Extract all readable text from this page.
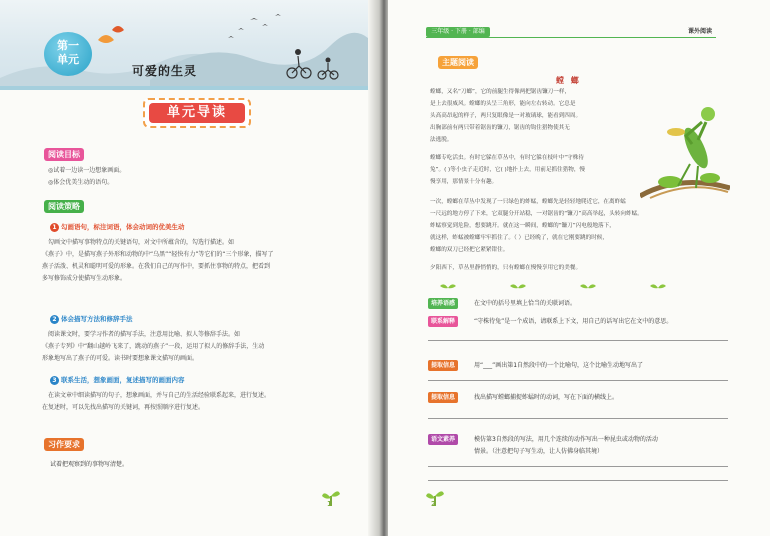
第一
单元
可爱的生灵
单元导读
阅读目标
◎试着一边读一边想象画面。
◎体会优美生动的语句。
阅读策略
1 勾画语句，标注词语，体会动词的优美生动
勾画文中描写事物特点的关键语句，对文中所蕴含的，勾选行描述。如
《燕子》中，是描写燕子外形和动物的中“乌黑”“轻快有力”等它们的“三个形象，描写了
燕子活泼、机灵和聪明可爱的形象。在我们自己的写作中，要抓住事物的特点，把看到
多写修饰成分使描写生动形象。
2 体会描写方法和修辞手法
阅读课文时，要学习作者的描写手法，注意用比喻、拟人等修辞手法。如
《燕子专列》中“翻山越岭飞来了，跳动的燕子”一段，运用了拟人的修辞手法，生动
形象地写出了燕子的可爱。读书时要想象课文描写的画面。
3 联系生活，想象画面，复述描写的画面内容
在读文章中细读描写的句子，想象画面，并与自己的生活经验联系起来，进行复述。
在复述时，可以先找出描写的关键词，再按照顺序进行复述。
习作要求
试着把观察到的事物写清楚。
1
三年级 · 下册 · 部编	课外阅读
主题阅读
螳 螂
螳螂，又名“刀螂”，它的前腿生得像两把锯齿镰刀一样，
是上去很威风。螳螂的头呈三角形，能向左右转动。它总是
头高高昂起的样子，两只复眼像是一对玻璃球，能看到四周。
出胸部前有两只带着锯齿的镰刀，锯齿的钩住猎物使其无
法逃脱。
螳螂专吃活虫。有时它躲在草丛中，有时它躲在枝叶中“守株待
兔”。( )等小虫子走近时，它( )地扑上去，用前足抓住猎物，慢
慢享用，那情景十分有趣。
一次，螳螂在草丛中发现了一只绿色的蚱蜢，螳螂先是轻轻地爬近它，在离蚱蜢
一尺远的地方停了下来，它双腿分开站稳，一对锯齿的“镰刀”高高举起，头转向蚱蜢。
蚱蜢察觉到危险，想要跳开。就在这一瞬间，螳螂的“镰刀”闪电般地落下，
就这样，蚱蜢被螳螂牢牢抓住了。（ ）已经晚了，就在它刚要跳的时候，
螳螂的双刀已经把它紧紧钳住。
夕阳西下，草丛里静悄悄的，只有螳螂在慢慢享用它的美餐。
培养语感	在文中的括号里填上恰当的关联词语。
联系解释	“守株待兔”是一个成语，请联系上下文，用自己的话写出它在文中的意思。
提取信息	用“___”画出第1自然段中的一个比喻句，这个比喻生动地写出了
提取信息	找出描写螳螂捕捉蚱蜢时的动词，写在下面的横线上。
语文素养	模仿第3自然段的写法，用几个连续的动作写出一种昆虫或动物的活动
情景。（注意把句子写生动，让人仿佛身临其境）
2
